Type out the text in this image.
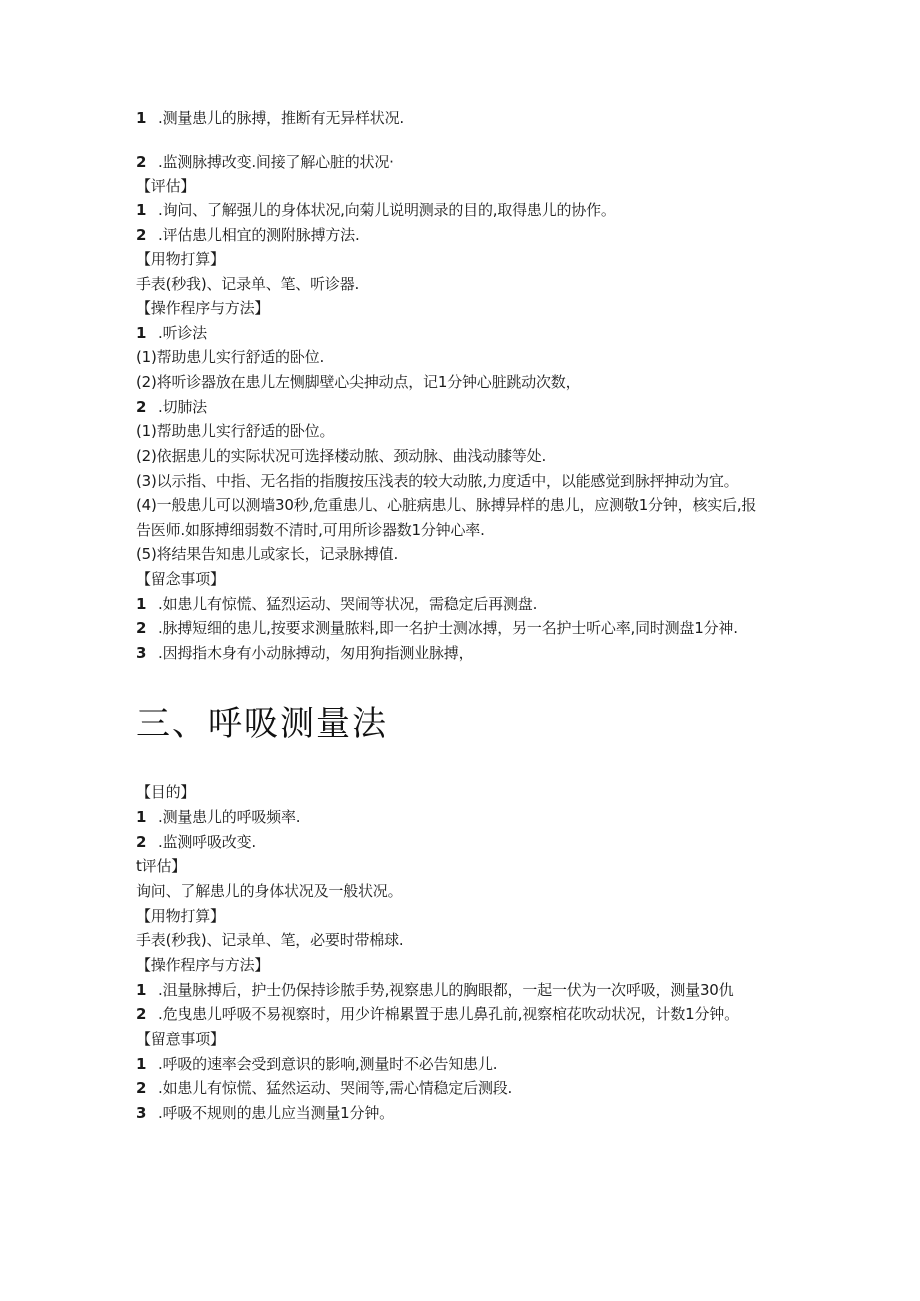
1 .测量患儿的脉搏，推断有无异样状况.
2 .监测脉搏改变.间接了解心脏的状况·
【评估】
1 .询问、了解强儿的身体状况,向菊儿说明测录的目的,取得患儿的协作。
2 .评估患儿相宜的测附脉搏方法.
【用物打算】
手表(秒我)、记录单、笔、听诊器.
【操作程序与方法】
1 .听诊法
(1)帮助患儿实行舒适的卧位.
(2)将听诊器放在患儿左恻脚壁心尖抻动点，记1分钟心脏跳动次数，
2 .切肺法
(1)帮助患儿实行舒适的卧位。
(2)依据患儿的实际状况可选择楼动脓、颈动脉、曲浅动膝等处.
(3)以示指、中指、无名指的指腹按压浅表的较大动脓,力度适中，以能感觉到脉抨抻动为宜。
(4)一般患儿可以测墙30秒,危重患儿、心脏病患儿、脉搏异样的患儿，应测敬1分钟，核实后,报
告医师.如豚搏细弱数不清时,可用所诊器数1分钟心率.
(5)将结果告知患儿或家长，记录脉搏值.
【留念事项】
1 .如患儿有惊慌、猛烈运动、哭闹等状况，需稳定后再测盘.
2 .脉搏短细的患儿,按要求测量脓料,即一名护士测冰搏，另一名护士听心率,同时测盘1分神.
3 .因拇指木身有小动脉搏动，匆用狗指测业脉搏，
三、呼吸测量法
【目的】
1 .测量患儿的呼吸频率.
2 .监测呼吸改变.
t评估】
询问、了解患儿的身体状况及一般状况。
【用物打算】
手表(秒我)、记录单、笔，必要时带棉球.
【操作程序与方法】
1 .沮量脉搏后，护士仍保持诊脓手势,视察患儿的胸眼都，一起一伏为一次呼吸，测量30仇
2 .危曳患儿呼吸不易视察时，用少许棉累置于患儿鼻孔前,视察棺花吹动状况，计数1分钟。
【留意事项】
1 .呼吸的速率会受到意识的影响,测量时不必告知患儿.
2 .如患儿有惊慌、猛然运动、哭闹等,需心情稳定后测段.
3 .呼吸不规则的患儿应当测量1分钟。
